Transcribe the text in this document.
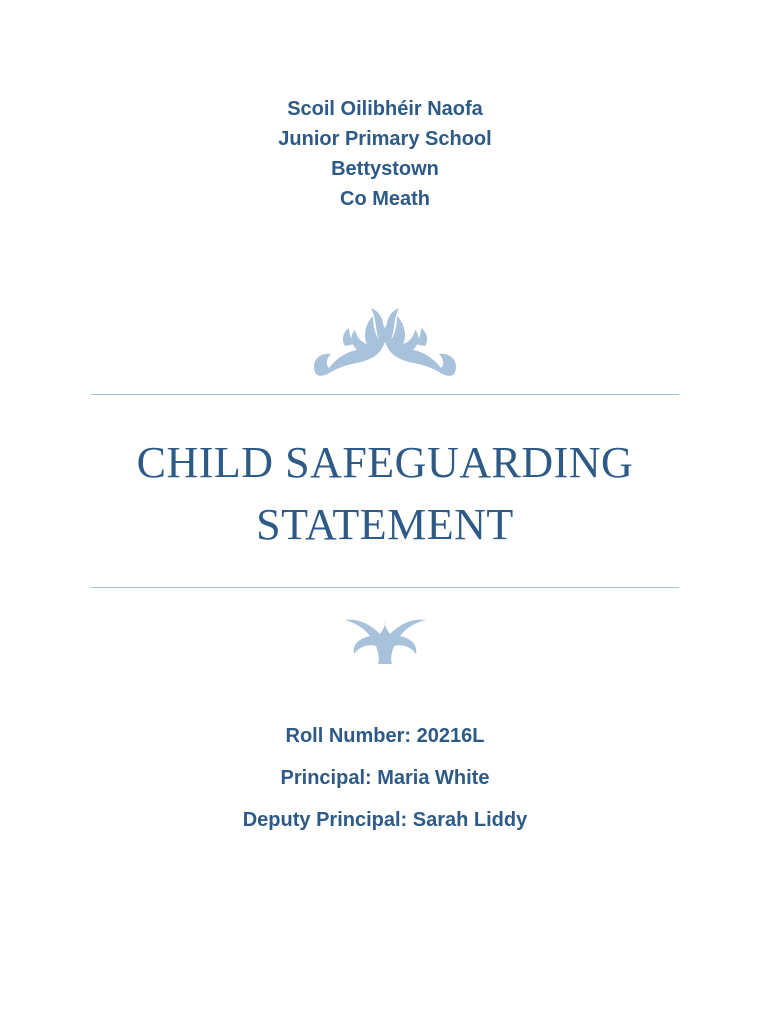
Scoil Oilibhéir Naofa
Junior Primary School
Bettystown
Co Meath
CHILD SAFEGUARDING
STATEMENT
Roll Number: 20216L
Principal: Maria White
Deputy Principal: Sarah Liddy
